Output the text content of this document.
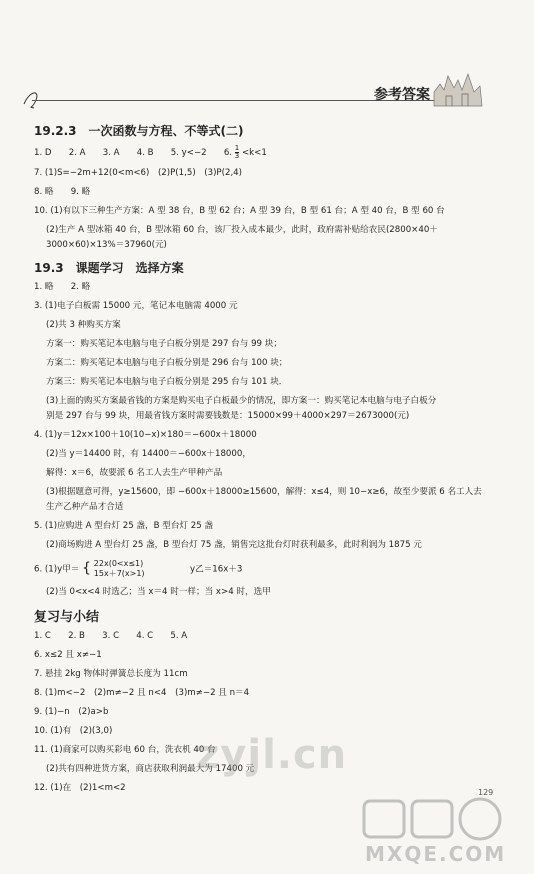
参考答案
19.2.3　一次函数与方程、不等式(二)
1. D　　2. A　　3. A　　4. B　　5. y<−2　　6. $\frac{1}{3} <k<1$
7. (1)S=−2m+12(0<m<6)　(2)P(1,5)　(3)P(2,4)
8. 略　　9. 略
10. (1)有以下三种生产方案：A 型 38 台，B 型 62 台；A 型 39 台，B 型 61 台；A 型 40 台，B 型 60 台
(2)生产 A 型冰箱 40 台，B 型冰箱 60 台，该厂投入成本最少，此时，政府需补贴给农民(2800×40＋
3000×60)×13%＝37960(元)
19.3　课题学习　选择方案
1. 略　　2. 略
3. (1)电子白板需 15000 元，笔记本电脑需 4000 元
(2)共 3 种购买方案
方案一：购买笔记本电脑与电子白板分别是 297 台与 99 块；
方案二：购买笔记本电脑与电子白板分别是 296 台与 100 块；
方案三：购买笔记本电脑与电子白板分别是 295 台与 101 块．
(3)上面的购买方案最省钱的方案是购买电子白板最少的情况，即方案一：购买笔记本电脑与电子白板分
别是 297 台与 99 块，用最省钱方案时需要钱数是：15000×99＋4000×297＝2673000(元)
4. (1)y＝12x×100＋10(10−x)×180＝−600x＋18000
(2)当 y＝14400 时，有 14400＝−600x＋18000，
解得：x＝6，故要派 6 名工人去生产甲种产品
(3)根据题意可得，y≥15600，即 −600x＋18000≥15600，解得：x≤4，则 10−x≥6，故至少要派 6 名工人去
生产乙种产品才合适
5. (1)应购进 A 型台灯 25 盏，B 型台灯 25 盏
(2)商场购进 A 型台灯 25 盏，B 型台灯 75 盏，销售完这批台灯时获利最多，此时利润为 1875 元
6. (1)y甲＝ { 22x(0<x≤1)
15x＋7(x>1)	y乙＝16x＋3
(2)当 0<x<4 时选乙；当 x＝4 时一样；当 x>4 时，选甲
复习与小结
1. C　　2. B　　3. C　　4. C　　5. A
6. x≤2 且 x≠−1
7. 悬挂 2kg 物体时弹簧总长度为 11cm
8. (1)m<−2　(2)m≠−2 且 n<4　(3)m≠−2 且 n＝4
9. (1)−n　(2)a>b
10. (1)有　(2)(3,0)
11. (1)商家可以购买彩电 60 台，洗衣机 40 台
(2)共有四种进货方案，商店获取利润最大为 17400 元
12. (1)在　(2)1<m<2	129
zyjl.cn
MXQE.COM
